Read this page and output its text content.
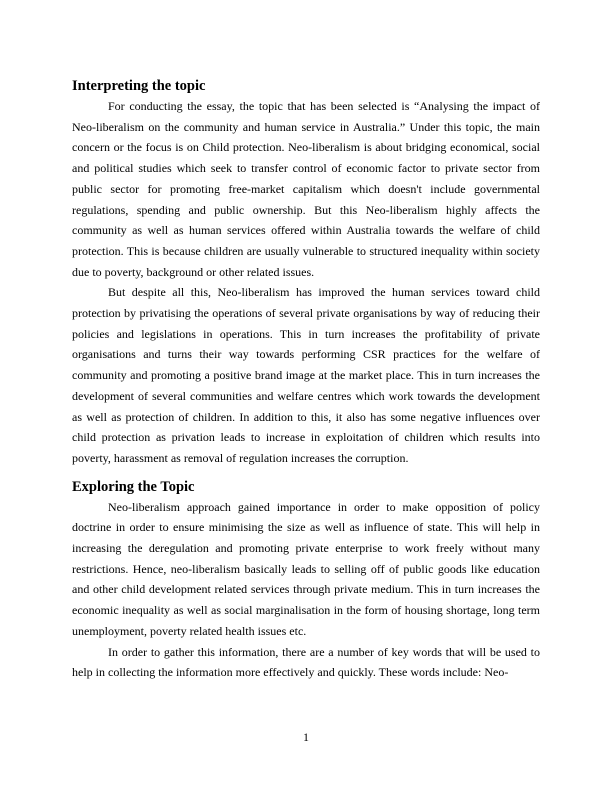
Interpreting the topic

For conducting the essay, the topic that has been selected is “Analysing the impact of Neo-liberalism on the community and human service in Australia.” Under this topic, the main concern or the focus is on Child protection. Neo-liberalism is about bridging economical, social and political studies which seek to transfer control of economic factor to private sector from public sector for promoting free-market capitalism which doesn't include governmental regulations, spending and public ownership. But this Neo-liberalism highly affects the community as well as human services offered within Australia towards the welfare of child protection. This is because children are usually vulnerable to structured inequality within society due to poverty, background or other related issues.

But despite all this, Neo-liberalism has improved the human services toward child protection by privatising the operations of several private organisations by way of reducing their policies and legislations in operations. This in turn increases the profitability of private organisations and turns their way towards performing CSR practices for the welfare of community and promoting a positive brand image at the market place. This in turn increases the development of several communities and welfare centres which work towards the development as well as protection of children. In addition to this, it also has some negative influences over child protection as privation leads to increase in exploitation of children which results into poverty, harassment as removal of regulation increases the corruption.

Exploring the Topic

Neo-liberalism approach gained importance in order to make opposition of policy doctrine in order to ensure minimising the size as well as influence of state. This will help in increasing the deregulation and promoting private enterprise to work freely without many restrictions. Hence, neo-liberalism basically leads to selling off of public goods like education and other child development related services through private medium. This in turn increases the economic inequality as well as social marginalisation in the form of housing shortage, long term unemployment, poverty related health issues etc.

In order to gather this information, there are a number of key words that will be used to help in collecting the information more effectively and quickly. These words include: Neo-

1
